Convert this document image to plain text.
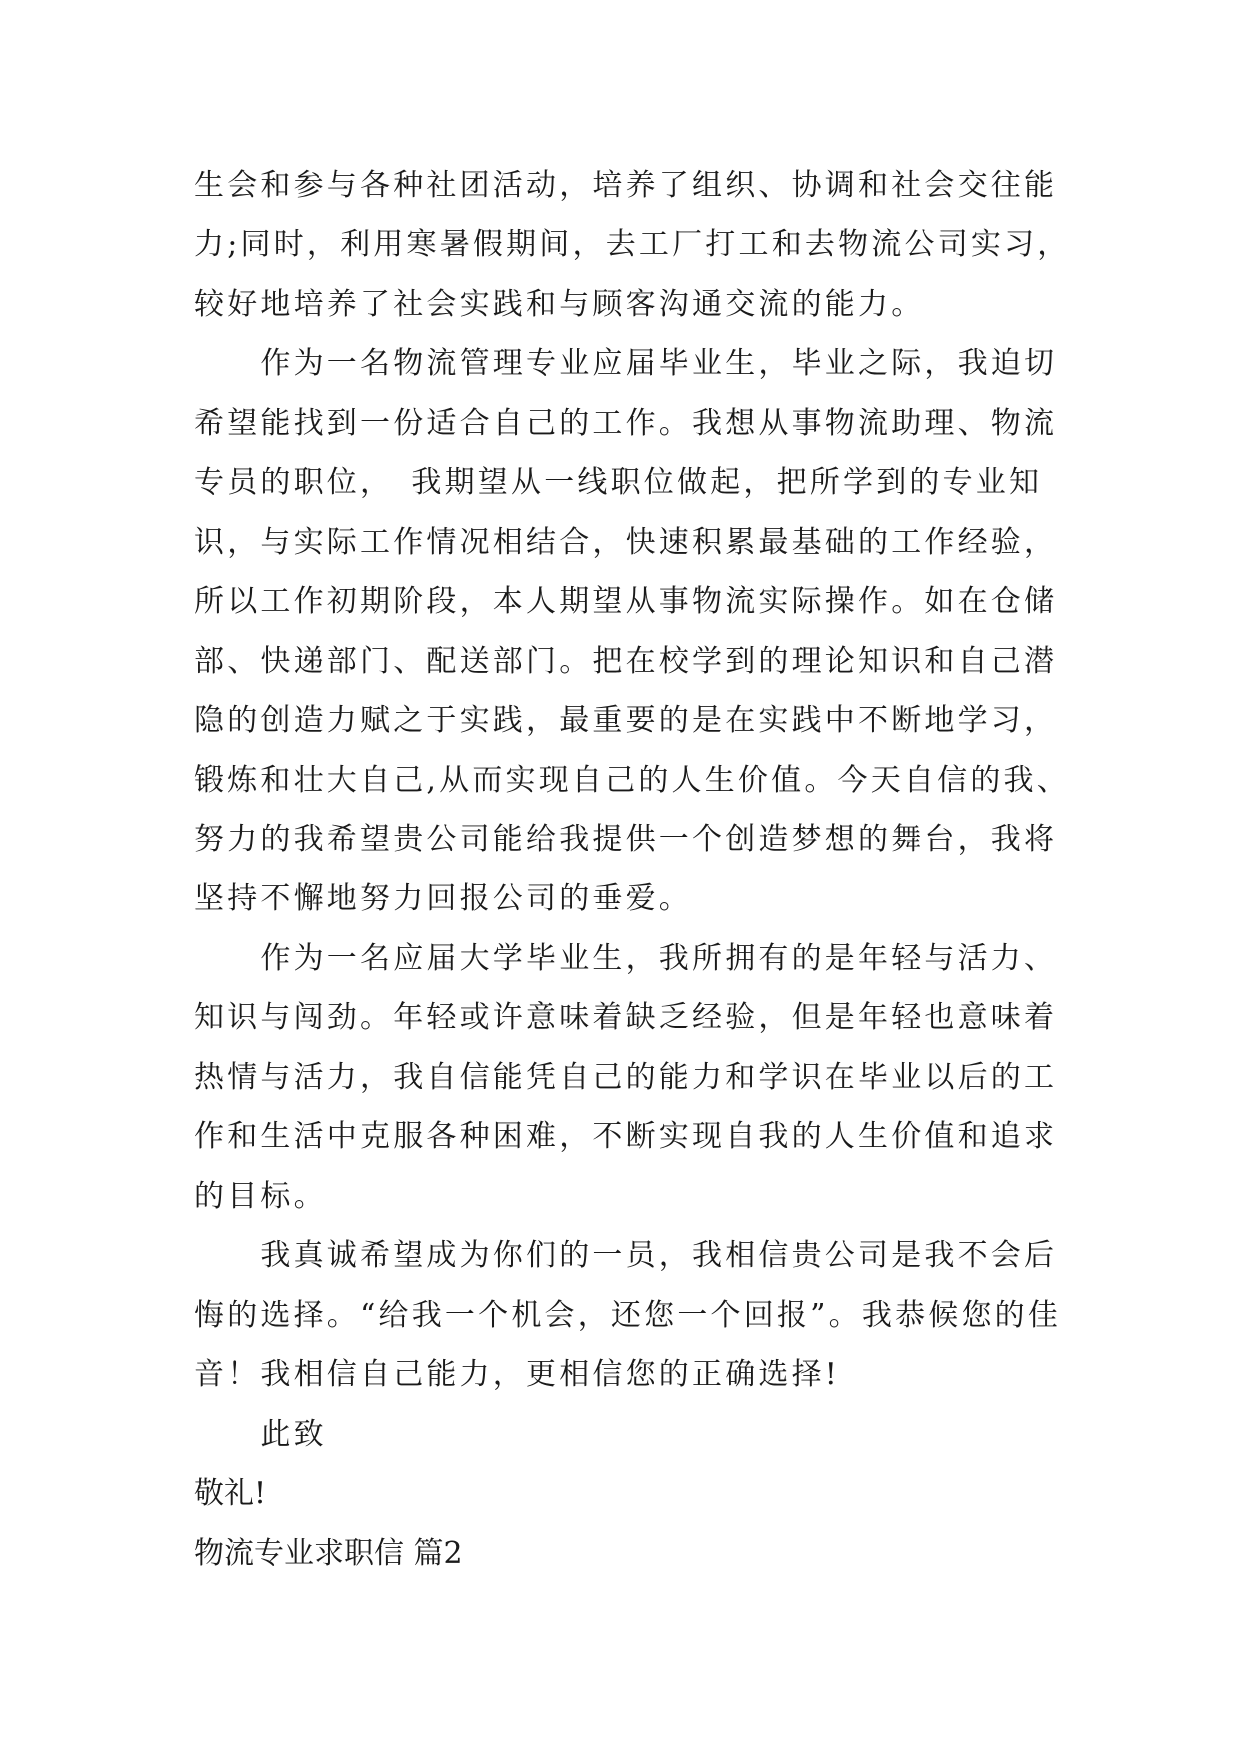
生会和参与各种社团活动，培养了组织、协调和社会交往能
力;同时，利用寒暑假期间，去工厂打工和去物流公司实习，
较好地培养了社会实践和与顾客沟通交流的能力。
　　作为一名物流管理专业应届毕业生，毕业之际，我迫切
希望能找到一份适合自己的工作。我想从事物流助理、物流
专员的职位，　我期望从一线职位做起，把所学到的专业知
识，与实际工作情况相结合，快速积累最基础的工作经验，
所以工作初期阶段，本人期望从事物流实际操作。如在仓储
部、快递部门、配送部门。把在校学到的理论知识和自己潜
隐的创造力赋之于实践，最重要的是在实践中不断地学习，
锻炼和壮大自己,从而实现自己的人生价值。今天自信的我、
努力的我希望贵公司能给我提供一个创造梦想的舞台，我将
坚持不懈地努力回报公司的垂爱。
　　作为一名应届大学毕业生，我所拥有的是年轻与活力、
知识与闯劲。年轻或许意味着缺乏经验，但是年轻也意味着
热情与活力，我自信能凭自己的能力和学识在毕业以后的工
作和生活中克服各种困难，不断实现自我的人生价值和追求
的目标。
　　我真诚希望成为你们的一员，我相信贵公司是我不会后
悔的选择。“给我一个机会，还您一个回报”。我恭候您的佳
音！我相信自己能力，更相信您的正确选择!
　　此致
敬礼!
物流专业求职信 篇2
